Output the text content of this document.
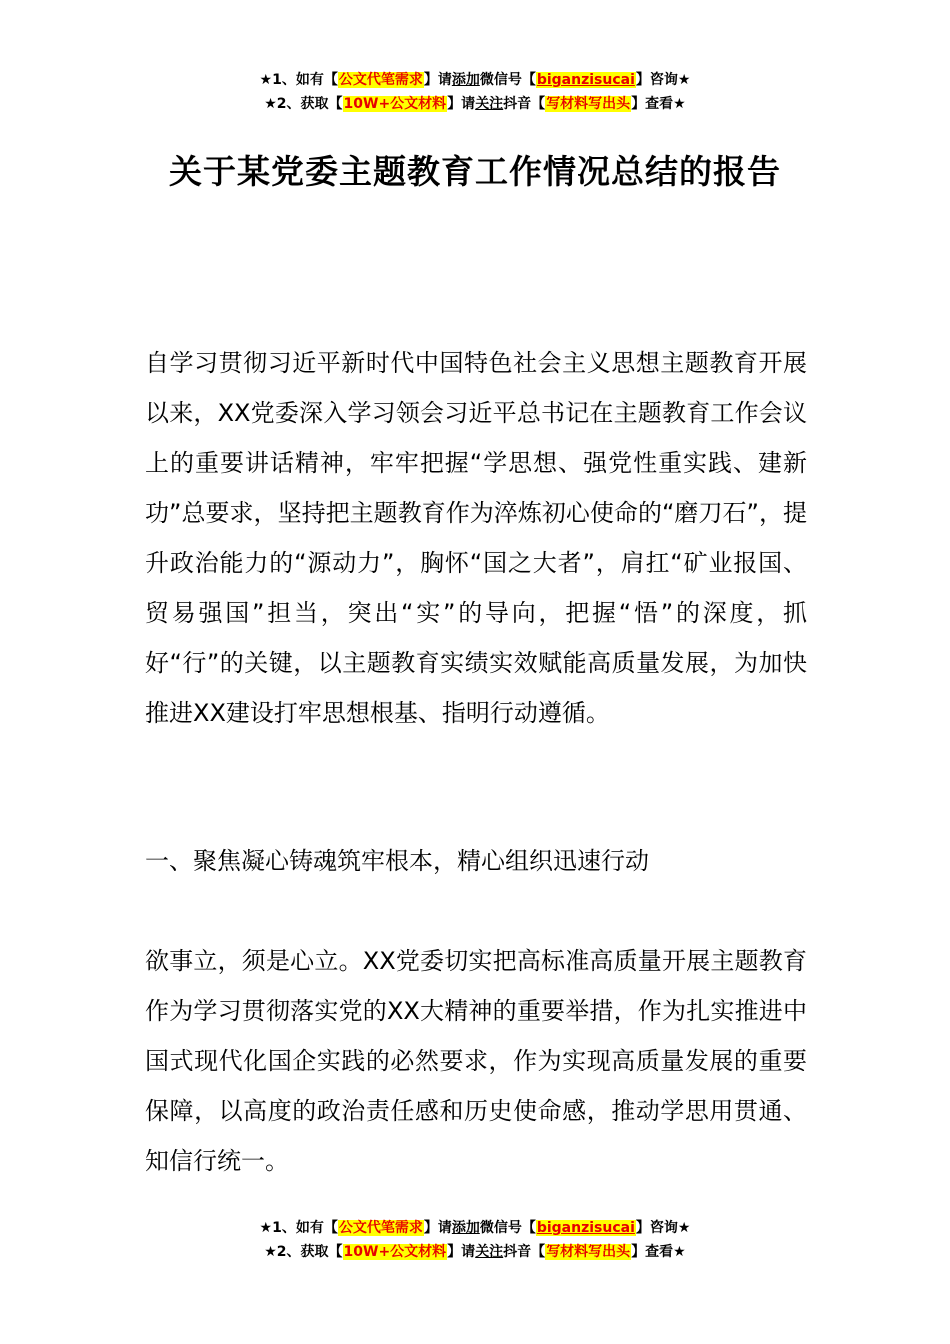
★1、如有【公文代笔需求】请添加微信号【biganzisucai】咨询★
★2、获取【10W+公文材料】请关注抖音【写材料写出头】查看★
关于某党委主题教育工作情况总结的报告

自学习贯彻习近平新时代中国特色社会主义思想主题教育开展以来，XX党委深入学习领会习近平总书记在主题教育工作会议上的重要讲话精神，牢牢把握“学思想、强党性重实践、建新功”总要求，坚持把主题教育作为淬炼初心使命的“磨刀石”，提升政治能力的“源动力”，胸怀“国之大者”，肩扛“矿业报国、贸易强国”担当，突出“实”的导向，把握“悟”的深度，抓好“行”的关键，以主题教育实绩实效赋能高质量发展，为加快推进XX建设打牢思想根基、指明行动遵循。

一、聚焦凝心铸魂筑牢根本，精心组织迅速行动

欲事立，须是心立。XX党委切实把高标准高质量开展主题教育作为学习贯彻落实党的XX大精神的重要举措，作为扎实推进中国式现代化国企实践的必然要求，作为实现高质量发展的重要保障，以高度的政治责任感和历史使命感，推动学思用贯通、知信行统一。

★1、如有【公文代笔需求】请添加微信号【biganzisucai】咨询★
★2、获取【10W+公文材料】请关注抖音【写材料写出头】查看★
